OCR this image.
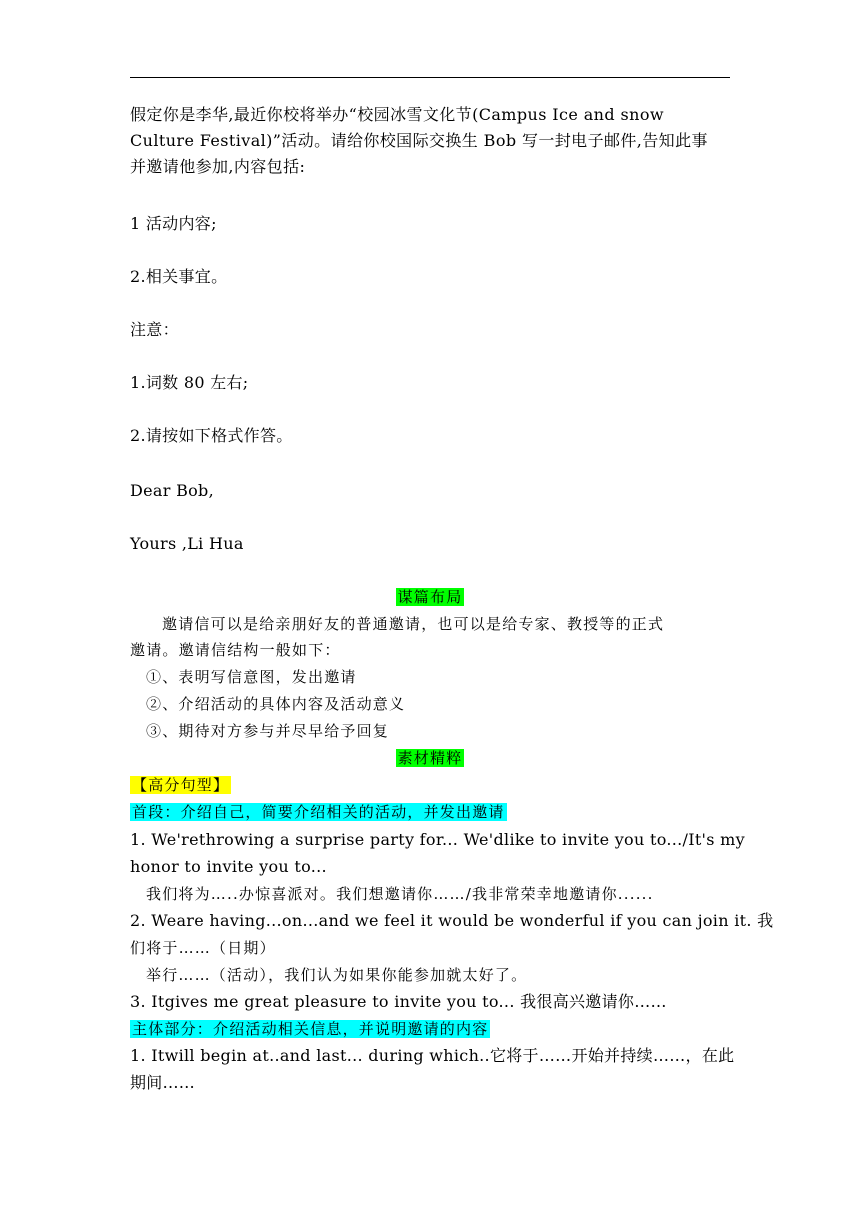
假定你是李华,最近你校将举办“校园冰雪文化节(Campus Ice and snow
Culture Festival)”活动。请给你校国际交换生 Bob 写一封电子邮件,告知此事
并邀请他参加,内容包括:
1 活动内容;
2.相关事宜。
注意：
1.词数 80 左右;
2.请按如下格式作答。
Dear Bob,
Yours ,Li Hua
谋篇布局
邀请信可以是给亲朋好友的普通邀请，也可以是给专家、教授等的正式
邀请。邀请信结构一般如下：
①、表明写信意图，发出邀请
②、介绍活动的具体内容及活动意义
③、期待对方参与并尽早给予回复
素材精粹
【高分句型】
首段：介绍自己，简要介绍相关的活动，并发出邀请
1. We'rethrowing a surprise party for... We'dlike to invite you to.../It's my
honor to invite you to...
我们将为…..办惊喜派对。我们想邀请你……/我非常荣幸地邀请你......
2. Weare having...on...and we feel it would be wonderful if you can join it. 我
们将于……（日期）
举行……（活动），我们认为如果你能参加就太好了。
3. Itgives me great pleasure to invite you to... 我很高兴邀请你……
主体部分：介绍活动相关信息，并说明邀请的内容
1. Itwill begin at..and last... during which..它将于……开始并持续……，在此
期间...…
